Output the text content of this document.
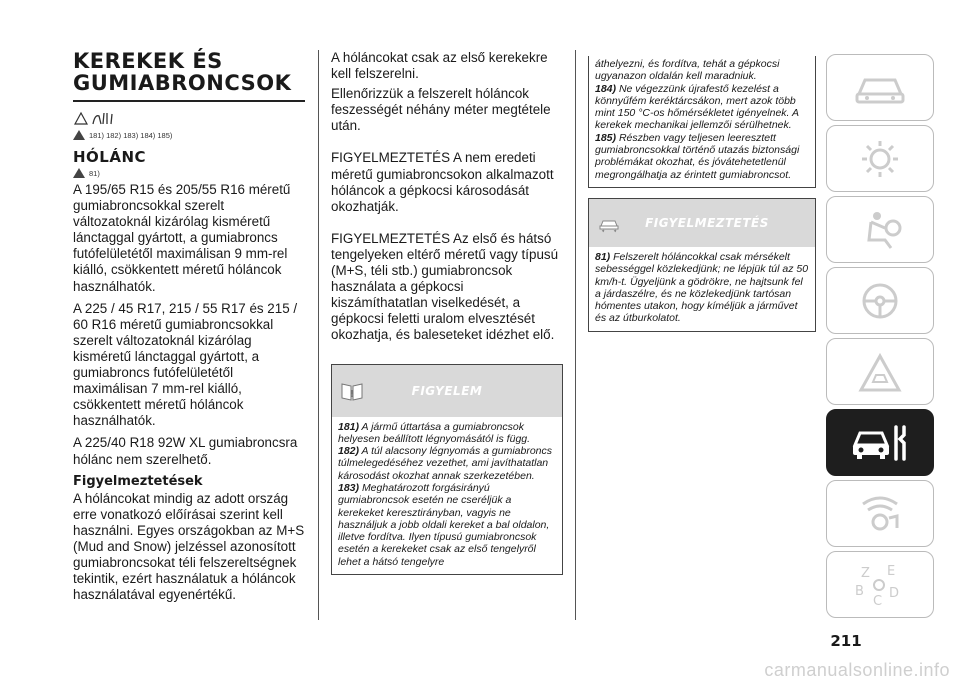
KEREKEK ÉS
GUMIABRONCSOK
181) 182) 183) 184) 185)
HÓLÁNC
81)

A 195/65 R15 és 205/55 R16 méretű gumiabroncsokkal szerelt változatoknál kizárólag kisméretű lánctaggal gyártott, a gumiabroncs futófelületétől maximálisan 9 mm-rel kiálló, csökkentett méretű hóláncok használhatók.

A 225 / 45 R17, 215 / 55 R17 és 215 / 60 R16 méretű gumiabroncsokkal szerelt változatoknál kizárólag kisméretű lánctaggal gyártott, a gumiabroncs futófelületétől maximálisan 7 mm-rel kiálló, csökkentett méretű hóláncok használhatók.

A 225/40 R18 92W XL gumiabroncsra hólánc nem szerelhető.

Figyelmeztetések

A hóláncokat mindig az adott ország erre vonatkozó előírásai szerint kell használni. Egyes országokban az M+S (Mud and Snow) jelzéssel azonosított gumiabroncsokat téli felszereltségnek tekintik, ezért használatuk a hóláncok használatával egyenértékű.

A hóláncokat csak az első kerekekre kell felszerelni.

Ellenőrizzük a felszerelt hóláncok feszességét néhány méter megtétele után.

FIGYELMEZTETÉS A nem eredeti méretű gumiabroncsokon alkalmazott hóláncok a gépkocsi károsodását okozhatják.

FIGYELMEZTETÉS Az első és hátsó tengelyeken eltérő méretű vagy típusú (M+S, téli stb.) gumiabroncsok használata a gépkocsi kiszámíthatatlan viselkedését, a gépkocsi feletti uralom elvesztését okozhatja, és baleseteket idézhet elő.

!	FIGYELEM

181) A jármű úttartása a gumiabroncsok helyesen beállított légnyomásától is függ.

182) A túl alacsony légnyomás a gumiabroncs túlmelegedéséhez vezethet, ami javíthatatlan károsodást okozhat annak szerkezetében.

183) Meghatározott forgásirányú gumiabroncsok esetén ne cseréljük a kerekeket keresztirányban, vagyis ne használjuk a jobb oldali kereket a bal oldalon, illetve fordítva. Ilyen típusú gumiabroncsok esetén a kerekeket csak az első tengelyről lehet a hátsó tengelyre

áthelyezni, és fordítva, tehát a gépkocsi ugyanazon oldalán kell maradniuk.

184) Ne végezzünk újrafestő kezelést a könnyűfém keréktárcsákon, mert azok több mint 150 °C-os hőmérsékletet igényelnek. A kerekek mechanikai jellemzői sérülhetnek.

185) Részben vagy teljesen leeresztett gumiabroncsokkal történő utazás biztonsági problémákat okozhat, és jóvátehetetlenül megrongálhatja az érintett gumiabroncsot.

FIGYELMEZTETÉS

81) Felszerelt hóláncokkal csak mérsékelt sebességgel közlekedjünk; ne lépjük túl az 50 km/h-t. Ügyeljünk a gödrökre, ne hajtsunk fel a járdaszélre, és ne közlekedjünk tartósan hómentes utakon, hogy kíméljük a járművet és az útburkolatot.

Z E
B
C
D
211
carmanualsonline.info
